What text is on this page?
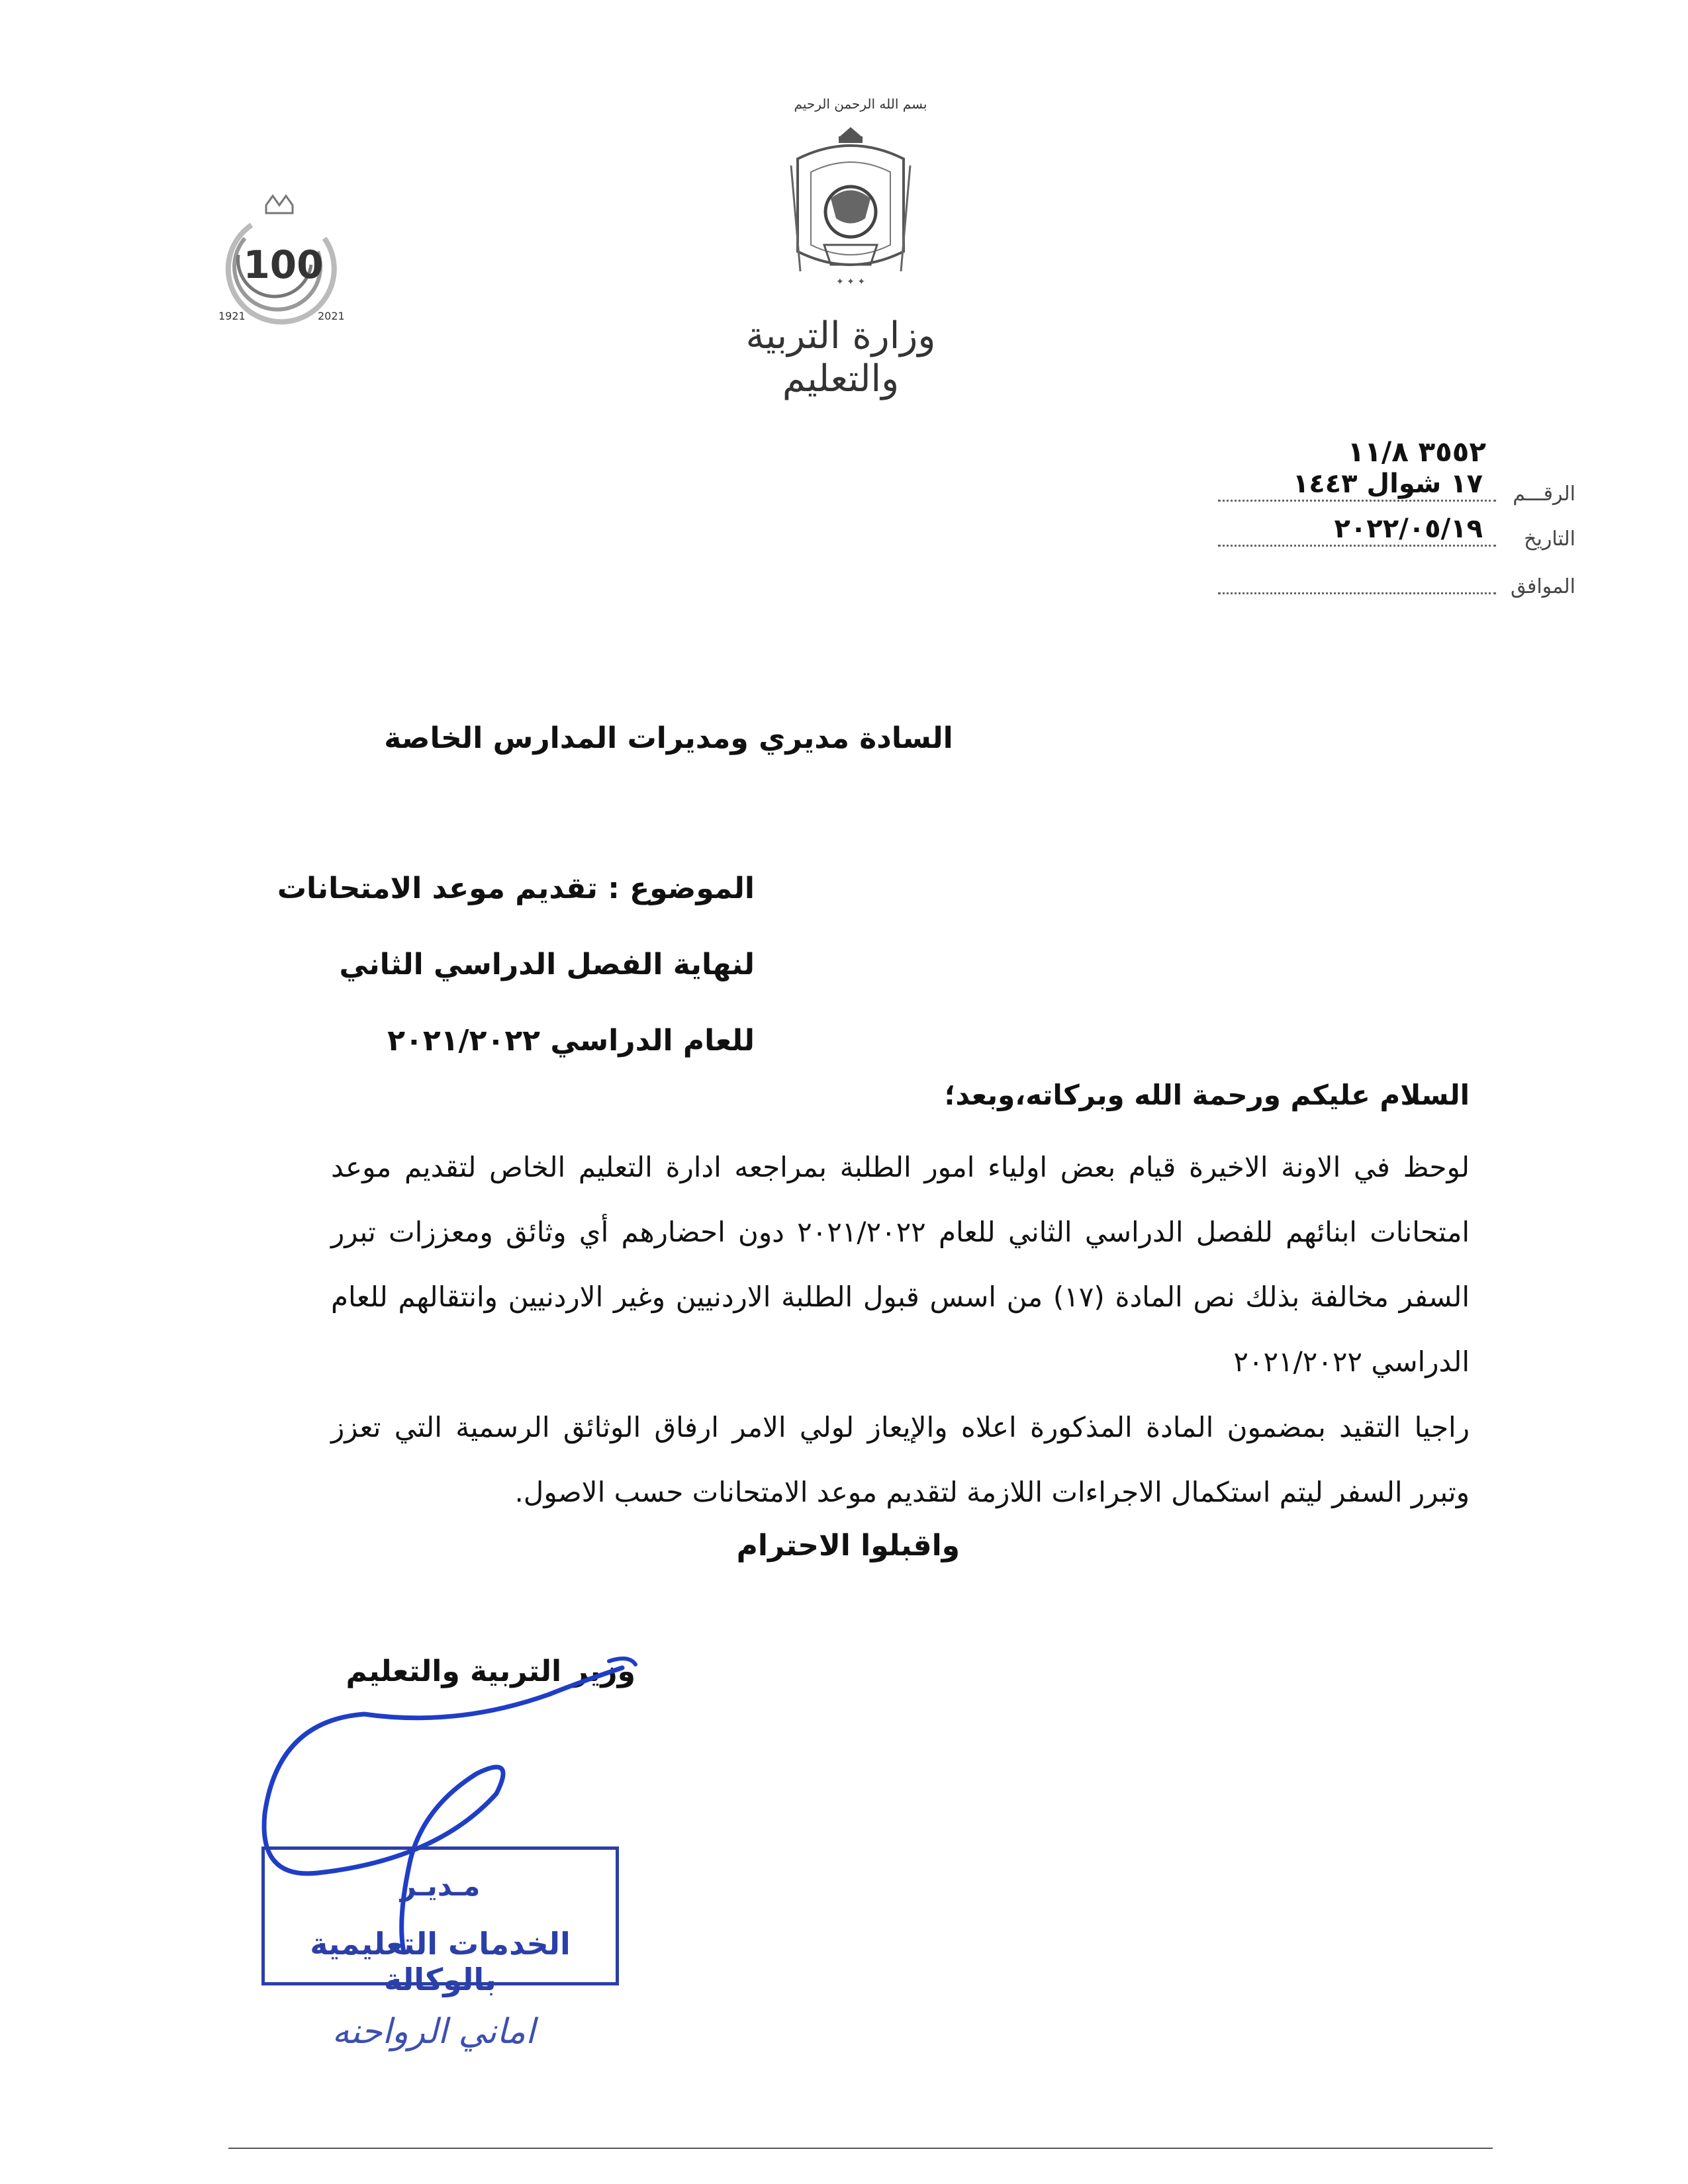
بسم الله الرحمن الرحيم
✦ ✦ ✦
وزارة التربية والتعليم
100
1921	2021
٣٥٥٢ ١١/٨
الرقـــم
١٧ شوال ١٤٤٣
التاريخ
٢٠٢٢/٠٥/١٩
الموافق
السادة مديري ومديرات المدارس الخاصة
الموضوع : تقديم موعد الامتحانات
لنهاية الفصل الدراسي الثاني
للعام الدراسي ٢٠٢١/٢٠٢٢
السلام عليكم ورحمة الله وبركاته،وبعد؛
لوحظ في الاونة الاخيرة قيام بعض اولياء امور الطلبة بمراجعه ادارة التعليم الخاص لتقديم موعد امتحانات ابنائهم للفصل الدراسي الثاني للعام ٢٠٢١/٢٠٢٢ دون احضارهم أي وثائق ومعززات تبرر السفر مخالفة بذلك نص المادة (١٧) من اسس قبول الطلبة الاردنيين وغير الاردنيين وانتقالهم للعام الدراسي ٢٠٢١/٢٠٢٢
راجيا التقيد بمضمون المادة المذكورة اعلاه والإيعاز لولي الامر ارفاق الوثائق الرسمية التي تعزز وتبرر السفر ليتم استكمال الاجراءات اللازمة لتقديم موعد الامتحانات حسب الاصول.
واقبلوا الاحترام
وزير التربية والتعليم
مـديـر
الخدمات التعليمية بالوكالة
اماني الرواحنه
